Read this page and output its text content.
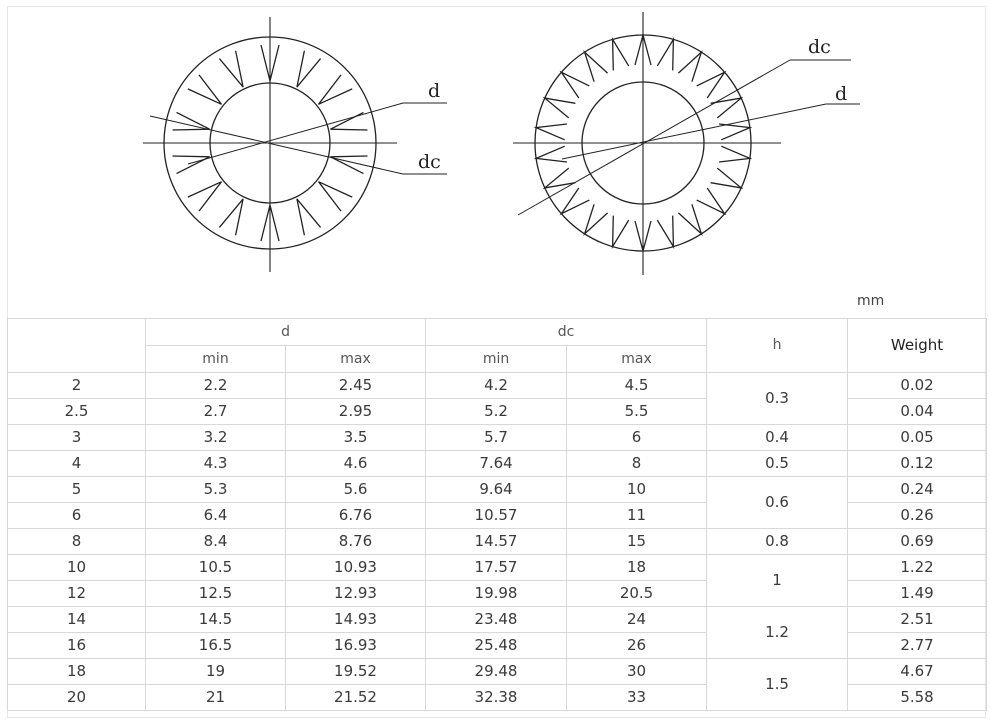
d
dc
dc
d
mm
	d		dc		h	Weight
	min	max	min	max		
2	2.2	2.45	4.2	4.5	0.3	0.02
2.5	2.7	2.95	5.2	5.5		0.04
3	3.2	3.5	5.7	6	0.4	0.05
4	4.3	4.6	7.64	8	0.5	0.12
5	5.3	5.6	9.64	10	0.6	0.24
6	6.4	6.76	10.57	11		0.26
8	8.4	8.76	14.57	15	0.8	0.69
10	10.5	10.93	17.57	18	1	1.22
12	12.5	12.93	19.98	20.5		1.49
14	14.5	14.93	23.48	24	1.2	2.51
16	16.5	16.93	25.48	26		2.77
18	19	19.52	29.48	30	1.5	4.67
20	21	21.52	32.38	33		5.58
